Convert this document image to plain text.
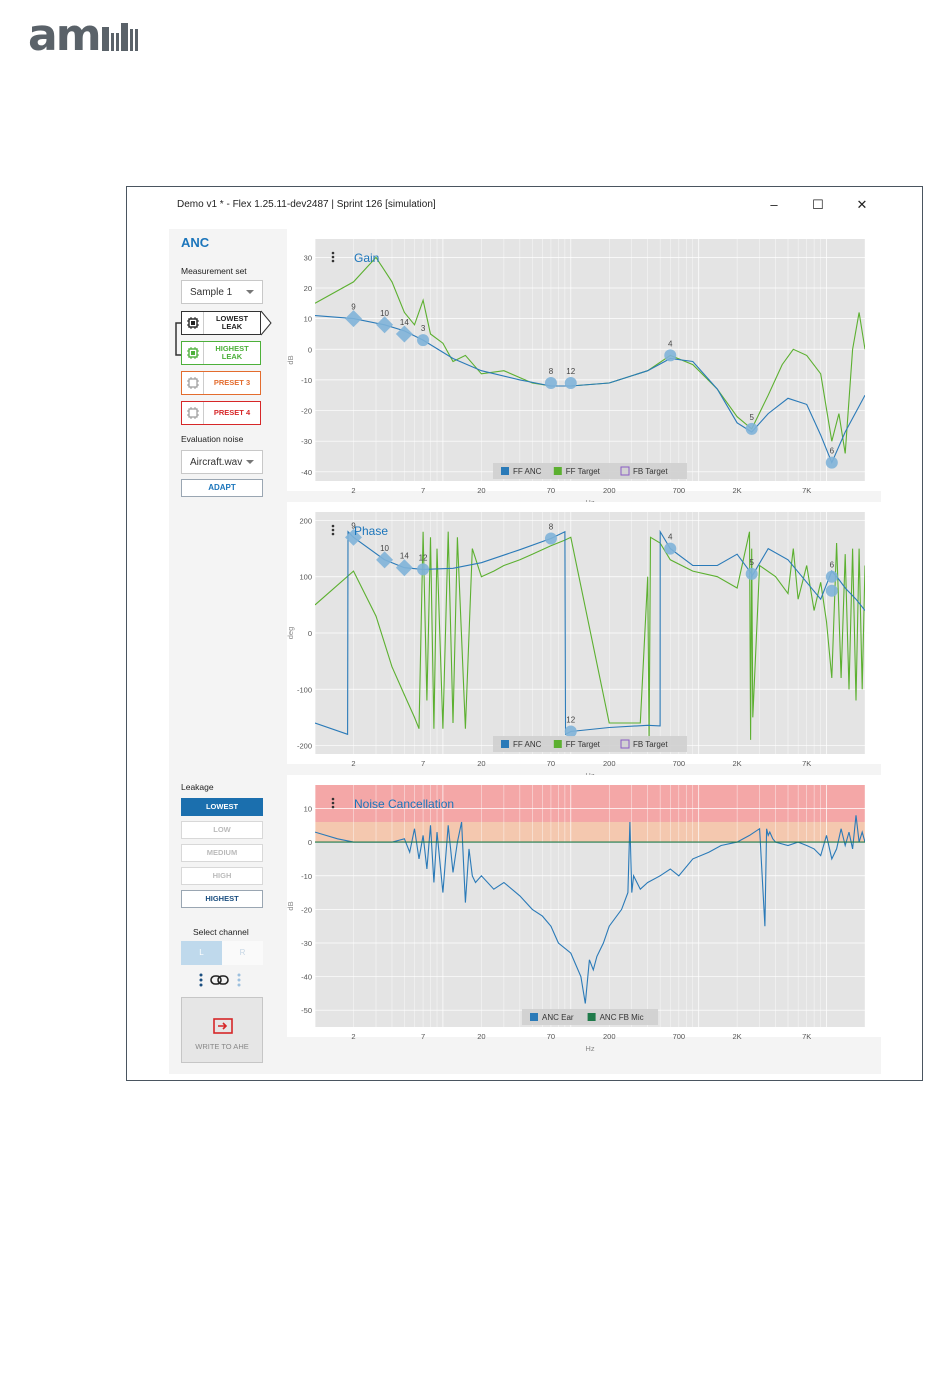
am
Demo v1 * - Flex 1.25.11-dev2487 | Sprint 126 [simulation]	–	☐	✕
ANC
Measurement set
Sample 1
LOWEST
LEAK
HIGHEST
LEAK
PRESET 3
PRESET 4
Evaluation noise
Aircraft.wav
ADAPT
Leakage
LOWEST
LOW
MEDIUM
HIGH
HIGHEST
Select channel
L	R
WRITE TO AHE
30
20
10
0
-10
-20
-30
-40
2	7	20	70	200	700	2K	7K
dB
9
10
14
3
8 12
4
5
6
Gain
FF ANC	FF Target	FB Target
200
100
0
-100
-200
2	7	20	70	200	700	2K	7K
deg
9
10
14 12
8
12
4
5	6
Phase
FF ANC	FF Target	FB Target
10
0
-10
-20
-30
-40
-50
2	7	20	70	200	700	2K	7K
Hz
dB
Noise Cancellation
ANC Ear	ANC FB Mic
